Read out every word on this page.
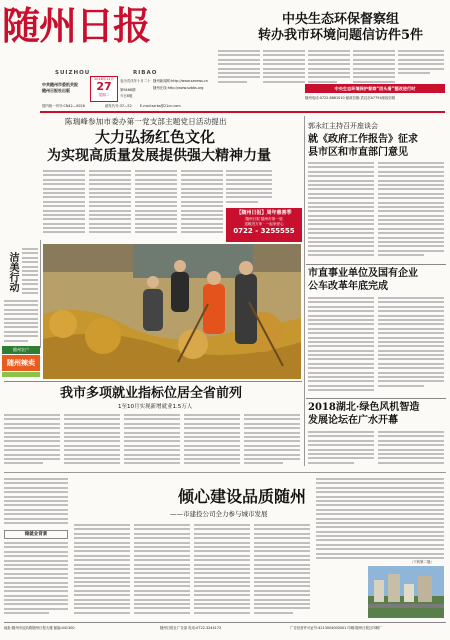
随州日报
SUIZHOU	RIBAO
中共随州市委机关报
随州日报社出版
2018年11月
27
星期二
农历戊戌年十月二十
第9466期
今日8版
随州新闻网:http://www.sznews.cn
随州在线:http://www.szbbs.org
国内统一刊号:CN42—0026	邮发代号:37—52 E-mail:szrbs@21cn.com
中央生态环保督察组
转办我市环境问题信访件5件
中央生态环境保护督察“回头看”整改进行时
随州电话:0722-8861010 邮政信箱:武汉市A7791邮政信箱
陈瑞峰参加市委办第一党支部主题党日活动提出
大力弘扬红色文化
为实现高质量发展提供强大精神力量
【随州日报】周年慈善季
随州日报 随州市第一届
送暖进万家 · 一起来爱心
0722 - 3255555
洁美行动
随州农户
随州辣卖
郭永红主持召开座谈会
就《政府工作报告》征求
县市区和市直部门意见
市直事业单位及国有企业
公车改革年底完成
2018湖北·绿色风机智造
发展论坛在广水开幕
我市多项就业指标位居全省前列
1至10月实现新增就业1.5万人
稳就业背景
倾心建设品质随州
——市建投公司全力参与城市发展
（下转第二版）
地址:随州市迎宾路随州日报大楼 邮编:441300	随州日报社广告部 电话:0722-3244173	广告经营许可证号:4213004000001 印刷:随州日报社印刷厂
